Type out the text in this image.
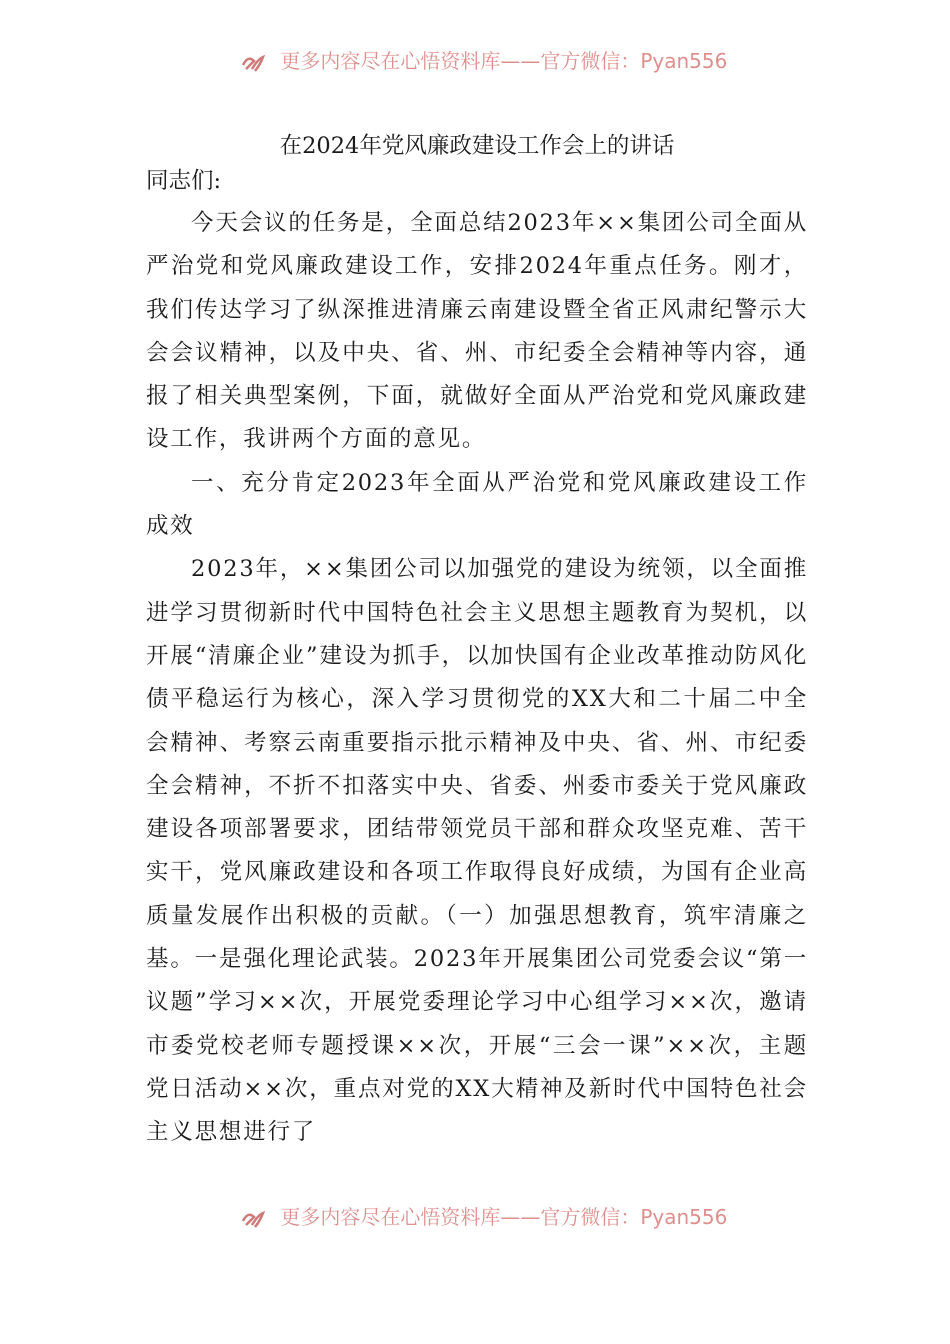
更多内容尽在心悟资料库——官方微信：Pyan556
在2024年党风廉政建设工作会上的讲话

同志们:

今天会议的任务是，全面总结2023年××集团公司全面从严治党和党风廉政建设工作，安排2024年重点任务。刚才，我们传达学习了纵深推进清廉云南建设暨全省正风肃纪警示大会会议精神，以及中央、省、州、市纪委全会精神等内容，通报了相关典型案例，下面，就做好全面从严治党和党风廉政建设工作，我讲两个方面的意见。

一、充分肯定2023年全面从严治党和党风廉政建设工作成效

2023年，××集团公司以加强党的建设为统领，以全面推进学习贯彻新时代中国特色社会主义思想主题教育为契机，以开展“清廉企业”建设为抓手，以加快国有企业改革推动防风化债平稳运行为核心，深入学习贯彻党的XX大和二十届二中全会精神、考察云南重要指示批示精神及中央、省、州、市纪委全会精神，不折不扣落实中央、省委、州委市委关于党风廉政建设各项部署要求，团结带领党员干部和群众攻坚克难、苦干实干，党风廉政建设和各项工作取得良好成绩，为国有企业高质量发展作出积极的贡献。（一）加强思想教育，筑牢清廉之基。一是强化理论武装。2023年开展集团公司党委会议“第一议题”学习××次，开展党委理论学习中心组学习××次，邀请市委党校老师专题授课××次，开展“三会一课”××次，主题党日活动××次，重点对党的XX大精神及新时代中国特色社会主义思想进行了

更多内容尽在心悟资料库——官方微信：Pyan556
